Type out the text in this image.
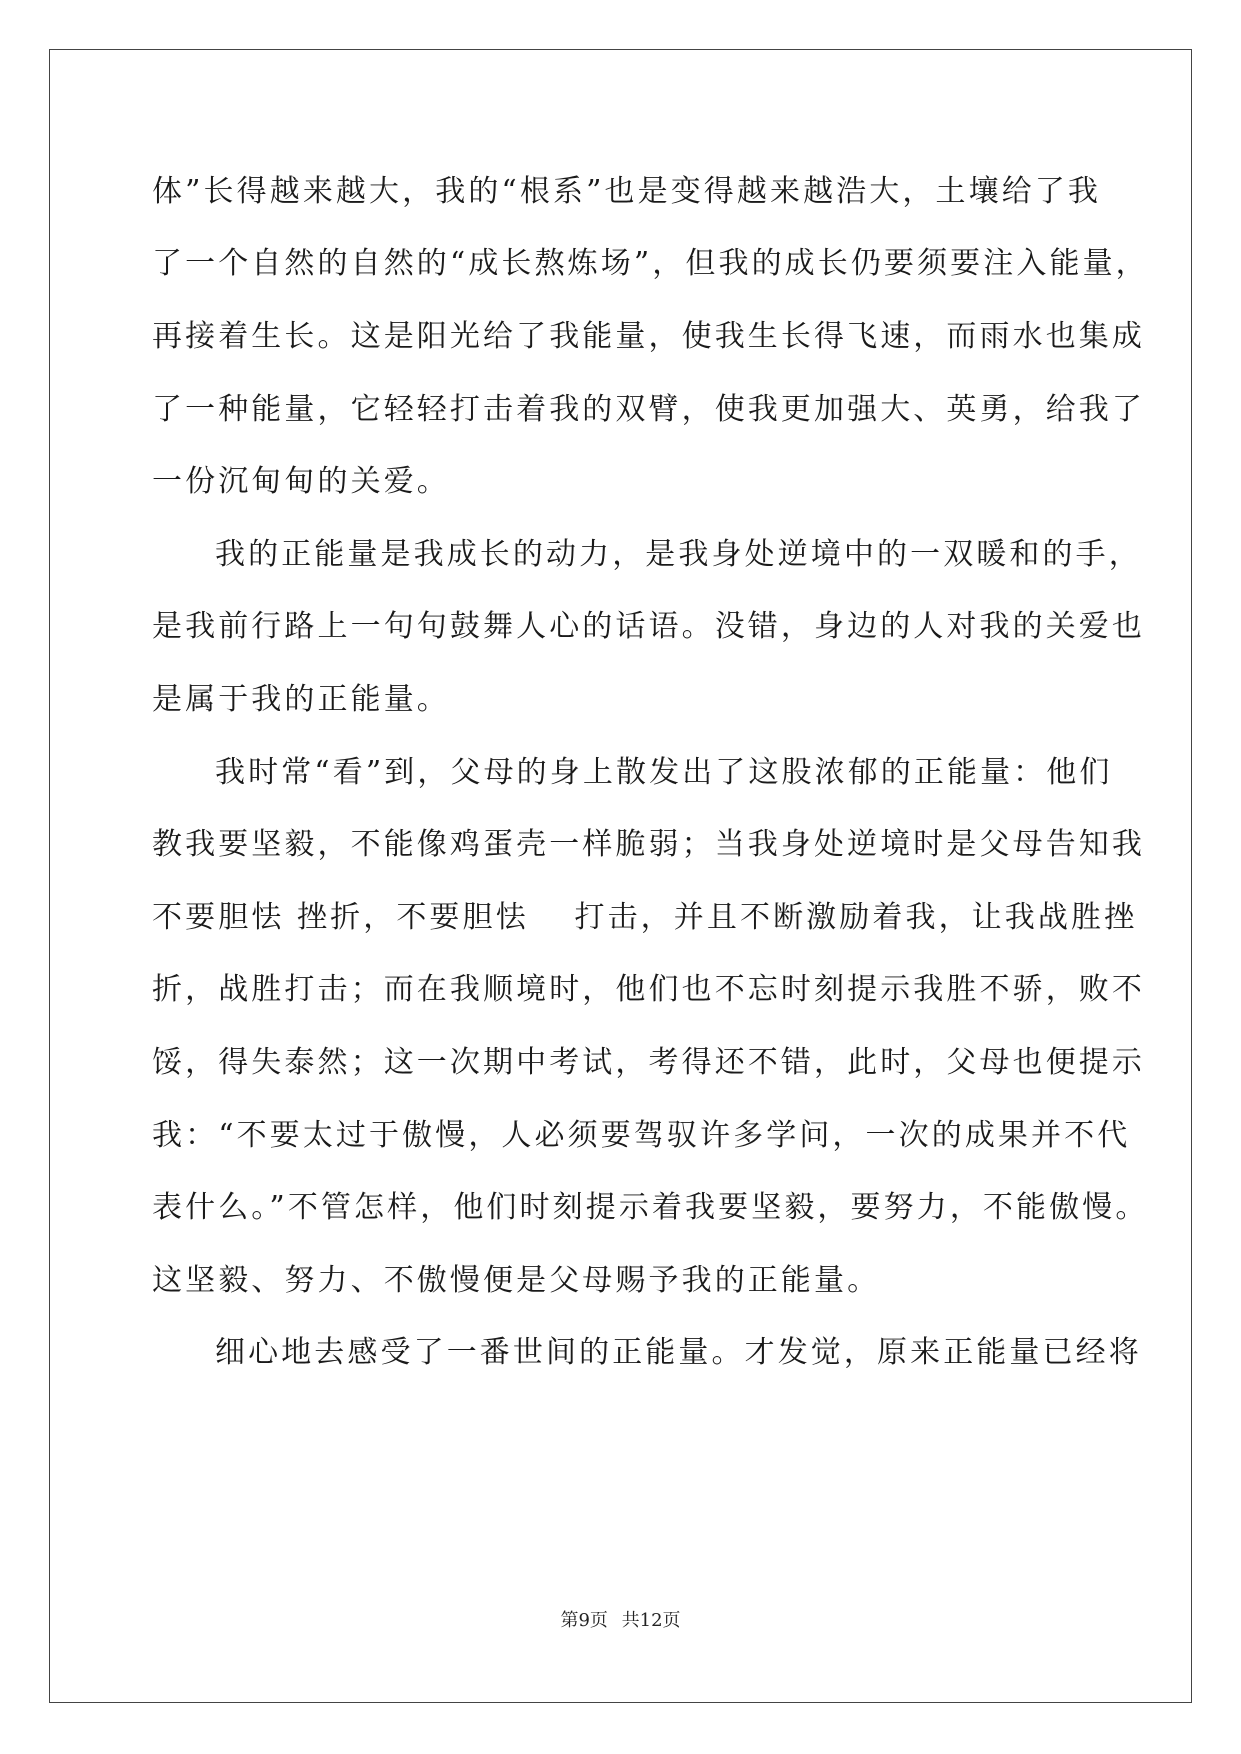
体”长得越来越大，我的“根系”也是变得越来越浩大，土壤给了我
了一个自然的自然的“成长熬炼场”，但我的成长仍要须要注入能量，
再接着生长。这是阳光给了我能量，使我生长得飞速，而雨水也集成
了一种能量，它轻轻打击着我的双臂，使我更加强大、英勇，给我了
一份沉甸甸的关爱。
我的正能量是我成长的动力，是我身处逆境中的一双暖和的手，
是我前行路上一句句鼓舞人心的话语。没错，身边的人对我的关爱也
是属于我的正能量。
我时常“看”到，父母的身上散发出了这股浓郁的正能量：他们
教我要坚毅，不能像鸡蛋壳一样脆弱；当我身处逆境时是父母告知我
不要胆怯 挫折，不要胆怯　 打击，并且不断激励着我，让我战胜挫
折，战胜打击；而在我顺境时，他们也不忘时刻提示我胜不骄，败不
馁，得失泰然；这一次期中考试，考得还不错，此时，父母也便提示
我：“不要太过于傲慢，人必须要驾驭许多学问，一次的成果并不代
表什么。”不管怎样，他们时刻提示着我要坚毅，要努力，不能傲慢。
这坚毅、努力、不傲慢便是父母赐予我的正能量。
细心地去感受了一番世间的正能量。才发觉，原来正能量已经将
第9页 共12页
